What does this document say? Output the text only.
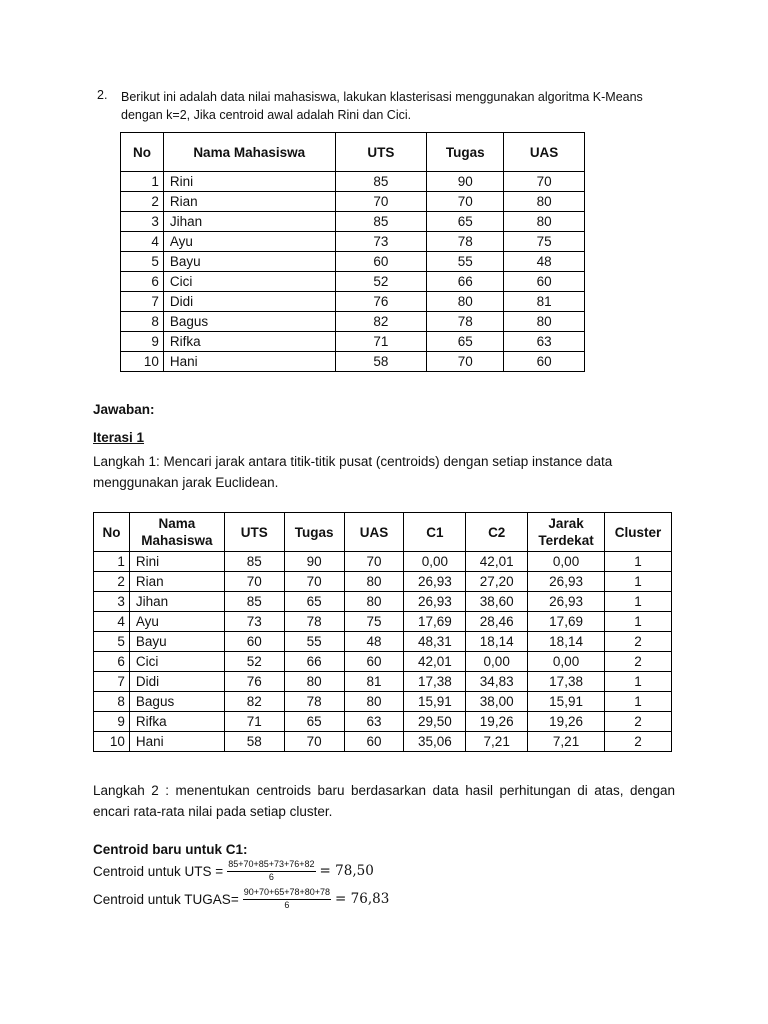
2. Berikut ini adalah data nilai mahasiswa, lakukan klasterisasi menggunakan algoritma K-Means dengan k=2, Jika centroid awal adalah Rini dan Cici.
No	Nama Mahasiswa	UTS	Tugas	UAS
1	Rini	85	90	70
2	Rian	70	70	80
3	Jihan	85	65	80
4	Ayu	73	78	75
5	Bayu	60	55	48
6	Cici	52	66	60
7	Didi	76	80	81
8	Bagus	82	78	80
9	Rifka	71	65	63
10	Hani	58	70	60
Jawaban:
Iterasi 1
Langkah 1: Mencari jarak antara titik-titik pusat (centroids) dengan setiap instance data menggunakan jarak Euclidean.
No	Nama Mahasiswa	UTS	Tugas	UAS	C1	C2	Jarak Terdekat	Cluster
1	Rini	85	90	70	0,00	42,01	0,00	1
2	Rian	70	70	80	26,93	27,20	26,93	1
3	Jihan	85	65	80	26,93	38,60	26,93	1
4	Ayu	73	78	75	17,69	28,46	17,69	1
5	Bayu	60	55	48	48,31	18,14	18,14	2
6	Cici	52	66	60	42,01	0,00	0,00	2
7	Didi	76	80	81	17,38	34,83	17,38	1
8	Bagus	82	78	80	15,91	38,00	15,91	1
9	Rifka	71	65	63	29,50	19,26	19,26	2
10	Hani	58	70	60	35,06	7,21	7,21	2
Langkah 2 : menentukan centroids baru berdasarkan data hasil perhitungan di atas, dengan encari rata-rata nilai pada setiap cluster.
Centroid baru untuk C1:
Centroid untuk UTS = $\frac{85+70+85+73+76+82}{6} = 78,50$
Centroid untuk TUGAS= $\frac{90+70+65+78+80+78}{6} = 76,83$
